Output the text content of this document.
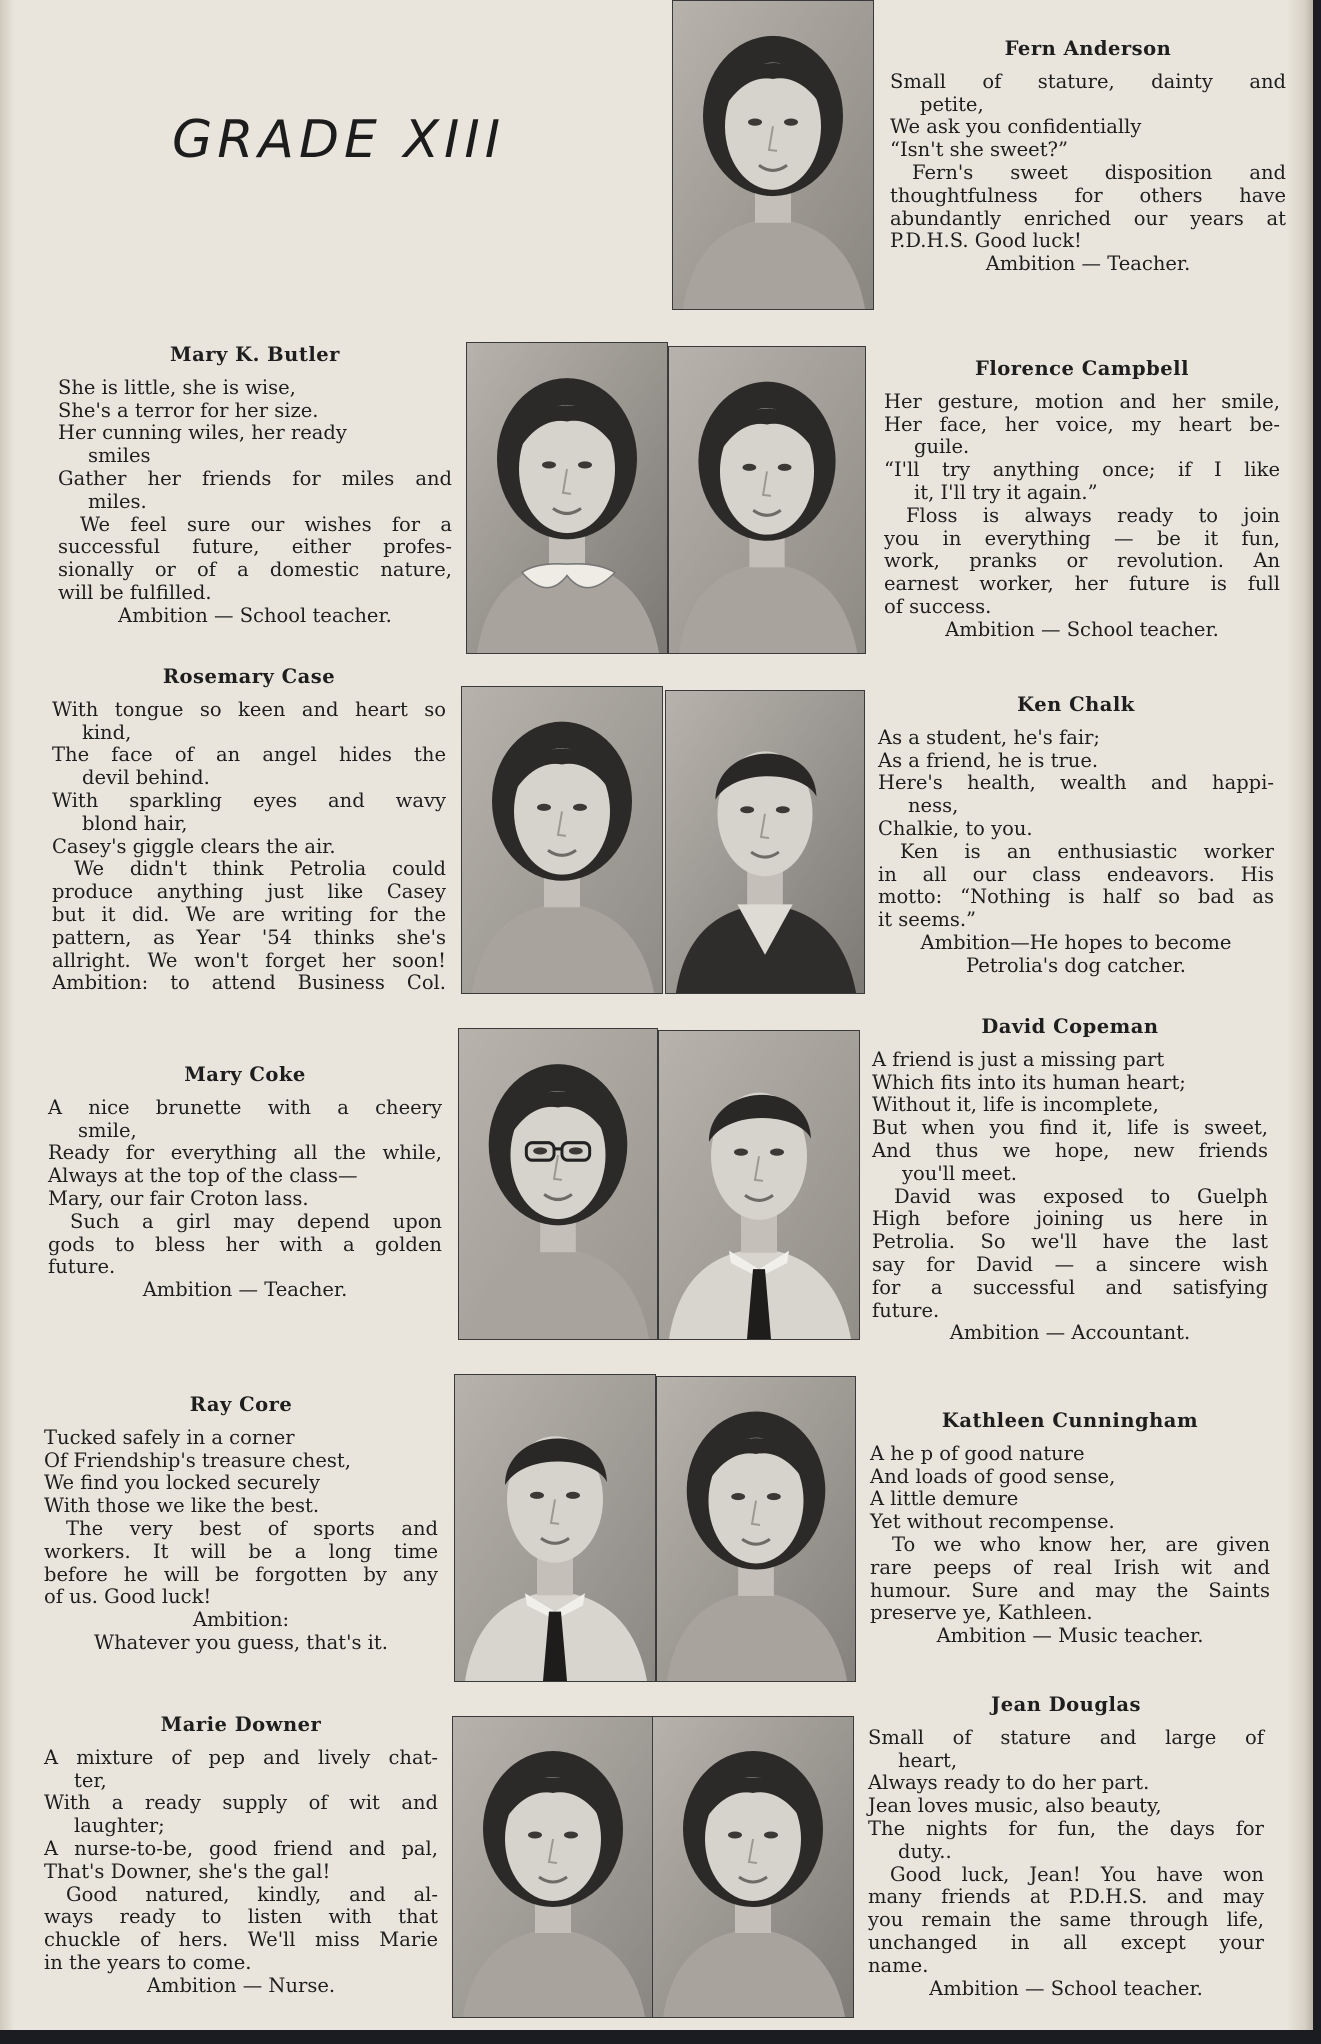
GRADE XIII
Fern Anderson
Small of stature, dainty and
petite,
We ask you confidentially
“Isn't she sweet?”
Fern's sweet disposition and
thoughtfulness for others have
abundantly enriched our years at
P.D.H.S. Good luck!
Ambition — Teacher.
Mary K. Butler
She is little, she is wise,
She's a terror for her size.
Her cunning wiles, her ready
smiles
Gather her friends for miles and
miles.
We feel sure our wishes for a
successful future, either profes-
sionally or of a domestic nature,
will be fulfilled.
Ambition — School teacher.
Florence Campbell
Her gesture, motion and her smile,
Her face, her voice, my heart be-
guile.
“I'll try anything once; if I like
it, I'll try it again.”
Floss is always ready to join
you in everything — be it fun,
work, pranks or revolution. An
earnest worker, her future is full
of success.
Ambition — School teacher.
Rosemary Case
With tongue so keen and heart so
kind,
The face of an angel hides the
devil behind.
With sparkling eyes and wavy
blond hair,
Casey's giggle clears the air.
We didn't think Petrolia could
produce anything just like Casey
but it did. We are writing for the
pattern, as Year '54 thinks she's
allright. We won't forget her soon!
Ambition: to attend Business Col.
Ken Chalk
As a student, he's fair;
As a friend, he is true.
Here's health, wealth and happi-
ness,
Chalkie, to you.
Ken is an enthusiastic worker
in all our class endeavors. His
motto: “Nothing is half so bad as
it seems.”
Ambition—He hopes to become
Petrolia's dog catcher.
Mary Coke
A nice brunette with a cheery
smile,
Ready for everything all the while,
Always at the top of the class—
Mary, our fair Croton lass.
Such a girl may depend upon
gods to bless her with a golden
future.
Ambition — Teacher.
David Copeman
A friend is just a missing part
Which fits into its human heart;
Without it, life is incomplete,
But when you find it, life is sweet,
And thus we hope, new friends
you'll meet.
David was exposed to Guelph
High before joining us here in
Petrolia. So we'll have the last
say for David — a sincere wish
for a successful and satisfying
future.
Ambition — Accountant.
Ray Core
Tucked safely in a corner
Of Friendship's treasure chest,
We find you locked securely
With those we like the best.
The very best of sports and
workers. It will be a long time
before he will be forgotten by any
of us. Good luck!
Ambition:
Whatever you guess, that's it.
Kathleen Cunningham
A he p of good nature
And loads of good sense,
A little demure
Yet without recompense.
To we who know her, are given
rare peeps of real Irish wit and
humour. Sure and may the Saints
preserve ye, Kathleen.
Ambition — Music teacher.
Marie Downer
A mixture of pep and lively chat-
ter,
With a ready supply of wit and
laughter;
A nurse-to-be, good friend and pal,
That's Downer, she's the gal!
Good natured, kindly, and al-
ways ready to listen with that
chuckle of hers. We'll miss Marie
in the years to come.
Ambition — Nurse.
Jean Douglas
Small of stature and large of
heart,
Always ready to do her part.
Jean loves music, also beauty,
The nights for fun, the days for
duty..
Good luck, Jean! You have won
many friends at P.D.H.S. and may
you remain the same through life,
unchanged in all except your
name.
Ambition — School teacher.
